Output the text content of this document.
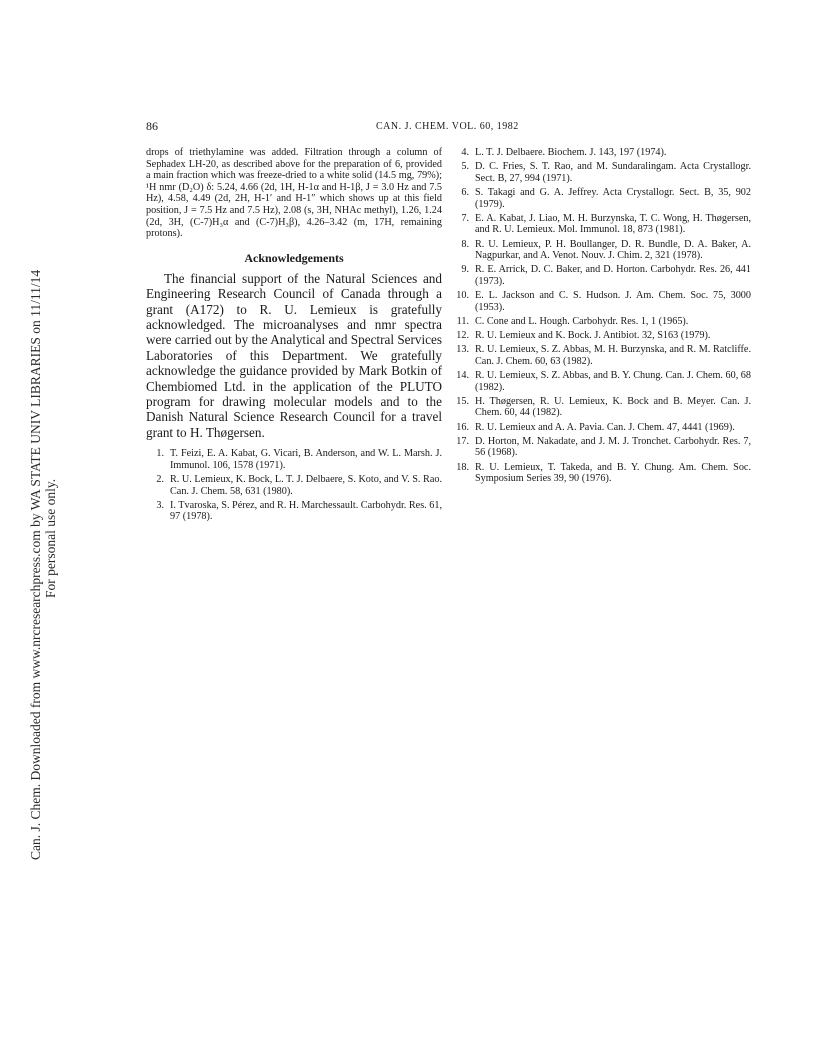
Can. J. Chem. Downloaded from www.nrcresearchpress.com by WA STATE UNIV LIBRARIES on 11/11/14 For personal use only.
86	CAN. J. CHEM. VOL. 60, 1982

drops of triethylamine was added. Filtration through a column of Sephadex LH-20, as described above for the preparation of 6, provided a main fraction which was freeze-dried to a white solid (14.5 mg, 79%); ¹H nmr (D₂O) δ: 5.24, 4.66 (2d, 1H, H-1α and H-1β, J = 3.0 Hz and 7.5 Hz), 4.58, 4.49 (2d, 2H, H-1′ and H-1″ which shows up at this field position, J = 7.5 Hz and 7.5 Hz), 2.08 (s, 3H, NHAc methyl), 1.26, 1.24 (2d, 3H, (C-7)H₃α and (C-7)H₃β), 4.26–3.42 (m, 17H, remaining protons).

Acknowledgements

The financial support of the Natural Sciences and Engineering Research Council of Canada through a grant (A172) to R. U. Lemieux is gratefully acknowledged. The microanalyses and nmr spectra were carried out by the Analytical and Spectral Services Laboratories of this Department. We gratefully acknowledge the guidance provided by Mark Botkin of Chembiomed Ltd. in the application of the PLUTO program for drawing molecular models and to the Danish Natural Science Research Council for a travel grant to H. Thøgersen.

1. T. Feizi, E. A. Kabat, G. Vicari, B. Anderson, and W. L. Marsh. J. Immunol. 106, 1578 (1971).
2. R. U. Lemieux, K. Bock, L. T. J. Delbaere, S. Koto, and V. S. Rao. Can. J. Chem. 58, 631 (1980).
3. I. Tvaroska, S. Pérez, and R. H. Marchessault. Carbohydr. Res. 61, 97 (1978).
4. L. T. J. Delbaere. Biochem. J. 143, 197 (1974).
5. D. C. Fries, S. T. Rao, and M. Sundaralingam. Acta Crystallogr. Sect. B, 27, 994 (1971).
6. S. Takagi and G. A. Jeffrey. Acta Crystallogr. Sect. B, 35, 902 (1979).
7. E. A. Kabat, J. Liao, M. H. Burzynska, T. C. Wong, H. Thøgersen, and R. U. Lemieux. Mol. Immunol. 18, 873 (1981).
8. R. U. Lemieux, P. H. Boullanger, D. R. Bundle, D. A. Baker, A. Nagpurkar, and A. Venot. Nouv. J. Chim. 2, 321 (1978).
9. R. E. Arrick, D. C. Baker, and D. Horton. Carbohydr. Res. 26, 441 (1973).
10. E. L. Jackson and C. S. Hudson. J. Am. Chem. Soc. 75, 3000 (1953).
11. C. Cone and L. Hough. Carbohydr. Res. 1, 1 (1965).
12. R. U. Lemieux and K. Bock. J. Antibiot. 32, S163 (1979).
13. R. U. Lemieux, S. Z. Abbas, M. H. Burzynska, and R. M. Ratcliffe. Can. J. Chem. 60, 63 (1982).
14. R. U. Lemieux, S. Z. Abbas, and B. Y. Chung. Can. J. Chem. 60, 68 (1982).
15. H. Thøgersen, R. U. Lemieux, K. Bock and B. Meyer. Can. J. Chem. 60, 44 (1982).
16. R. U. Lemieux and A. A. Pavia. Can. J. Chem. 47, 4441 (1969).
17. D. Horton, M. Nakadate, and J. M. J. Tronchet. Carbohydr. Res. 7, 56 (1968).
18. R. U. Lemieux, T. Takeda, and B. Y. Chung. Am. Chem. Soc. Symposium Series 39, 90 (1976).
